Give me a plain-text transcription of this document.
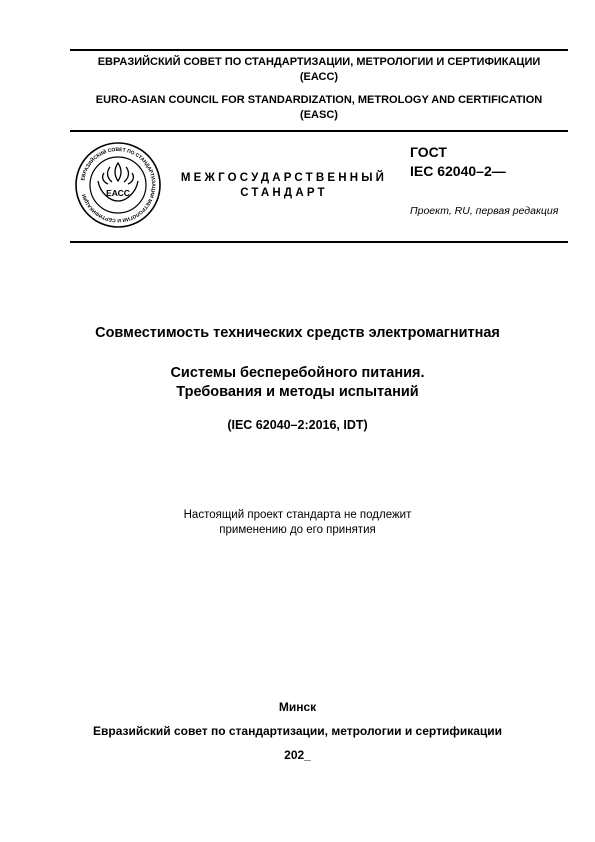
ЕВРАЗИЙСКИЙ СОВЕТ ПО СТАНДАРТИЗАЦИИ, МЕТРОЛОГИИ И СЕРТИФИКАЦИИ
(ЕАСС)
EURO-ASIAN COUNCIL FOR STANDARDIZATION, METROLOGY AND CERTIFICATION
(EASC)
ЕВРАЗИЙСКИЙ СОВЕТ ПО СТАНДАРТИЗАЦИИ МЕТРОЛОГИИ И СЕРТИФИКАЦИИ	ЕАСС
МЕЖГОСУДАРСТВЕННЫЙ
СТАНДАРТ
ГОСТ
IEC 62040–2—
Проект, RU, первая редакция
Совместимость технических средств электромагнитная
Системы бесперебойного питания.
Требования и методы испытаний
(IEC 62040–2:2016, IDT)
Настоящий проект стандарта не подлежит
применению до его принятия
Минск
Евразийский совет по стандартизации, метрологии и сертификации
202_
